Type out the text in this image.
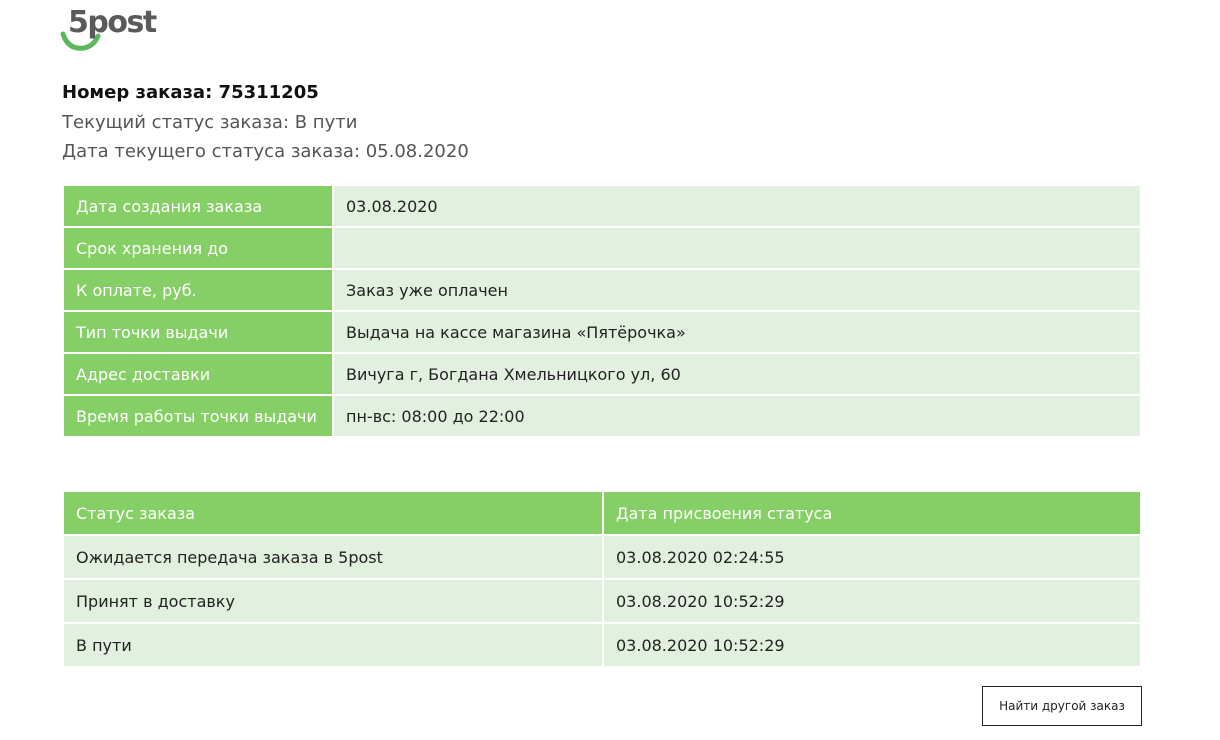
5post
Номер заказа: 75311205

Текущий статус заказа: В пути

Дата текущего статуса заказа: 05.08.2020

Дата создания заказа	03.08.2020
Срок хранения до	
К оплате, руб.	Заказ уже оплачен
Тип точки выдачи	Выдача на кассе магазина «Пятёрочка»
Адрес доставки	Вичуга г, Богдана Хмельницкого ул, 60
Время работы точки выдачи	пн-вс: 08:00 до 22:00
Статус заказа	Дата присвоения статуса
Ожидается передача заказа в 5post	03.08.2020 02:24:55
Принят в доставку	03.08.2020 10:52:29
В пути	03.08.2020 10:52:29
Найти другой заказ
